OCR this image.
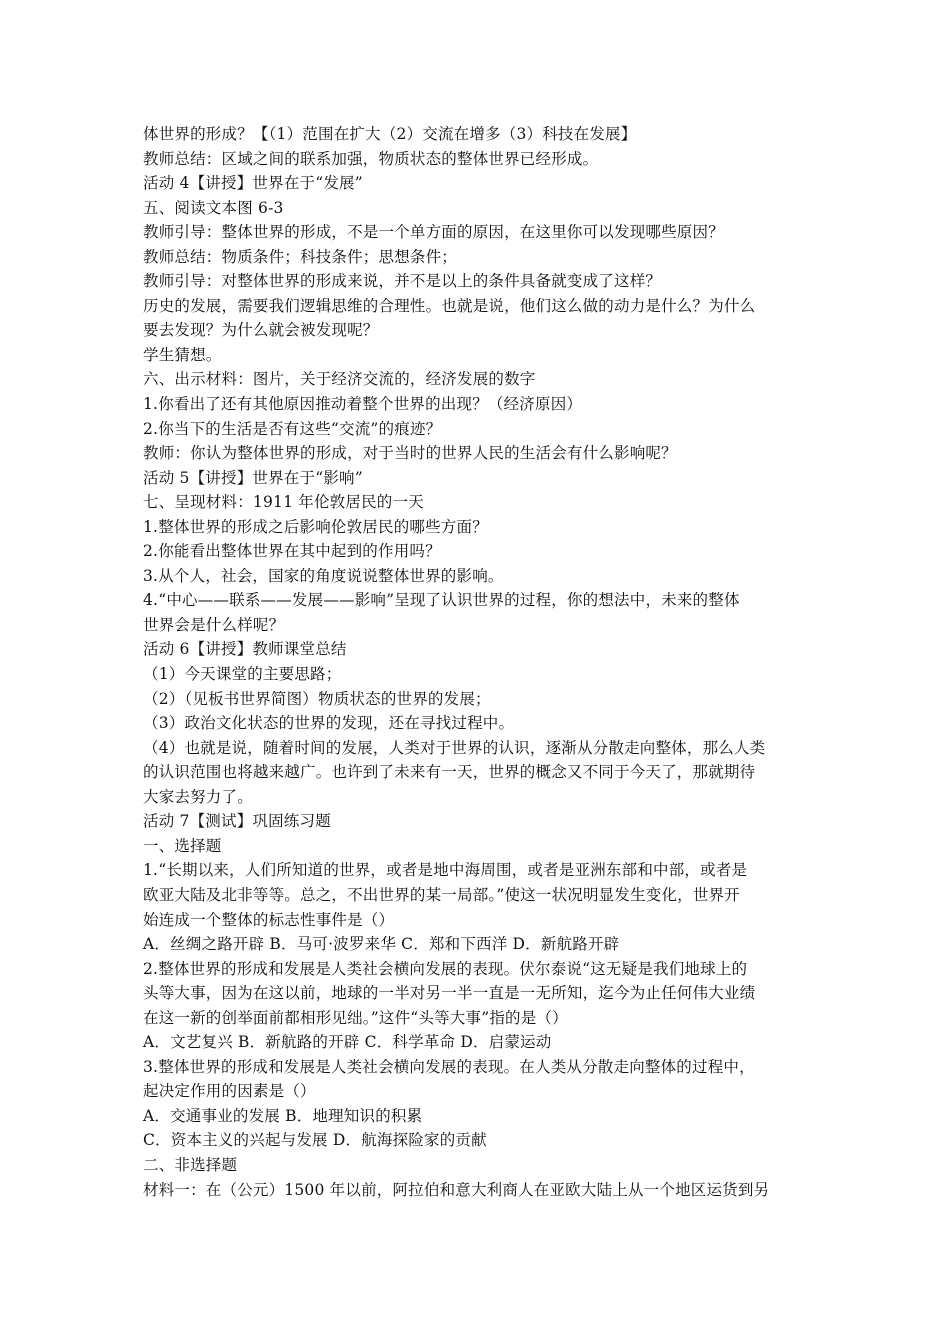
体世界的形成？【（1）范围在扩大（2）交流在增多（3）科技在发展】
教师总结：区域之间的联系加强，物质状态的整体世界已经形成。
活动 4【讲授】世界在于“发展”
五、阅读文本图 6-3
教师引导：整体世界的形成，不是一个单方面的原因，在这里你可以发现哪些原因？
教师总结：物质条件；科技条件；思想条件；
教师引导：对整体世界的形成来说，并不是以上的条件具备就变成了这样？
历史的发展，需要我们逻辑思维的合理性。也就是说，他们这么做的动力是什么？为什么
要去发现？为什么就会被发现呢？
学生猜想。
六、出示材料：图片，关于经济交流的，经济发展的数字
1.你看出了还有其他原因推动着整个世界的出现？（经济原因）
2.你当下的生活是否有这些“交流”的痕迹？
教师：你认为整体世界的形成，对于当时的世界人民的生活会有什么影响呢？
活动 5【讲授】世界在于“影响”
七、呈现材料：1911 年伦敦居民的一天
1.整体世界的形成之后影响伦敦居民的哪些方面？
2.你能看出整体世界在其中起到的作用吗？
3.从个人，社会，国家的角度说说整体世界的影响。
4.“中心——联系——发展——影响”呈现了认识世界的过程，你的想法中，未来的整体
世界会是什么样呢？
活动 6【讲授】教师课堂总结
（1）今天课堂的主要思路；
（2）（见板书世界简图）物质状态的世界的发展；
（3）政治文化状态的世界的发现，还在寻找过程中。
（4）也就是说，随着时间的发展，人类对于世界的认识，逐渐从分散走向整体，那么人类
的认识范围也将越来越广。也许到了未来有一天，世界的概念又不同于今天了，那就期待
大家去努力了。
活动 7【测试】巩固练习题
一、选择题
1.“长期以来，人们所知道的世界，或者是地中海周围，或者是亚洲东部和中部，或者是
欧亚大陆及北非等等。总之，不出世界的某一局部。”使这一状况明显发生变化，世界开
始连成一个整体的标志性事件是（）
A．丝绸之路开辟 B．马可·波罗来华 C．郑和下西洋 D．新航路开辟
2.整体世界的形成和发展是人类社会横向发展的表现。伏尔泰说“这无疑是我们地球上的
头等大事，因为在这以前，地球的一半对另一半一直是一无所知，迄今为止任何伟大业绩
在这一新的创举面前都相形见绌。”这件“头等大事”指的是（）
A．文艺复兴 B．新航路的开辟 C．科学革命 D．启蒙运动
3.整体世界的形成和发展是人类社会横向发展的表现。在人类从分散走向整体的过程中，
起决定作用的因素是（）
A．交通事业的发展 B．地理知识的积累
C．资本主义的兴起与发展 D．航海探险家的贡献
二、非选择题
材料一：在（公元）1500 年以前，阿拉伯和意大利商人在亚欧大陆上从一个地区运货到另
